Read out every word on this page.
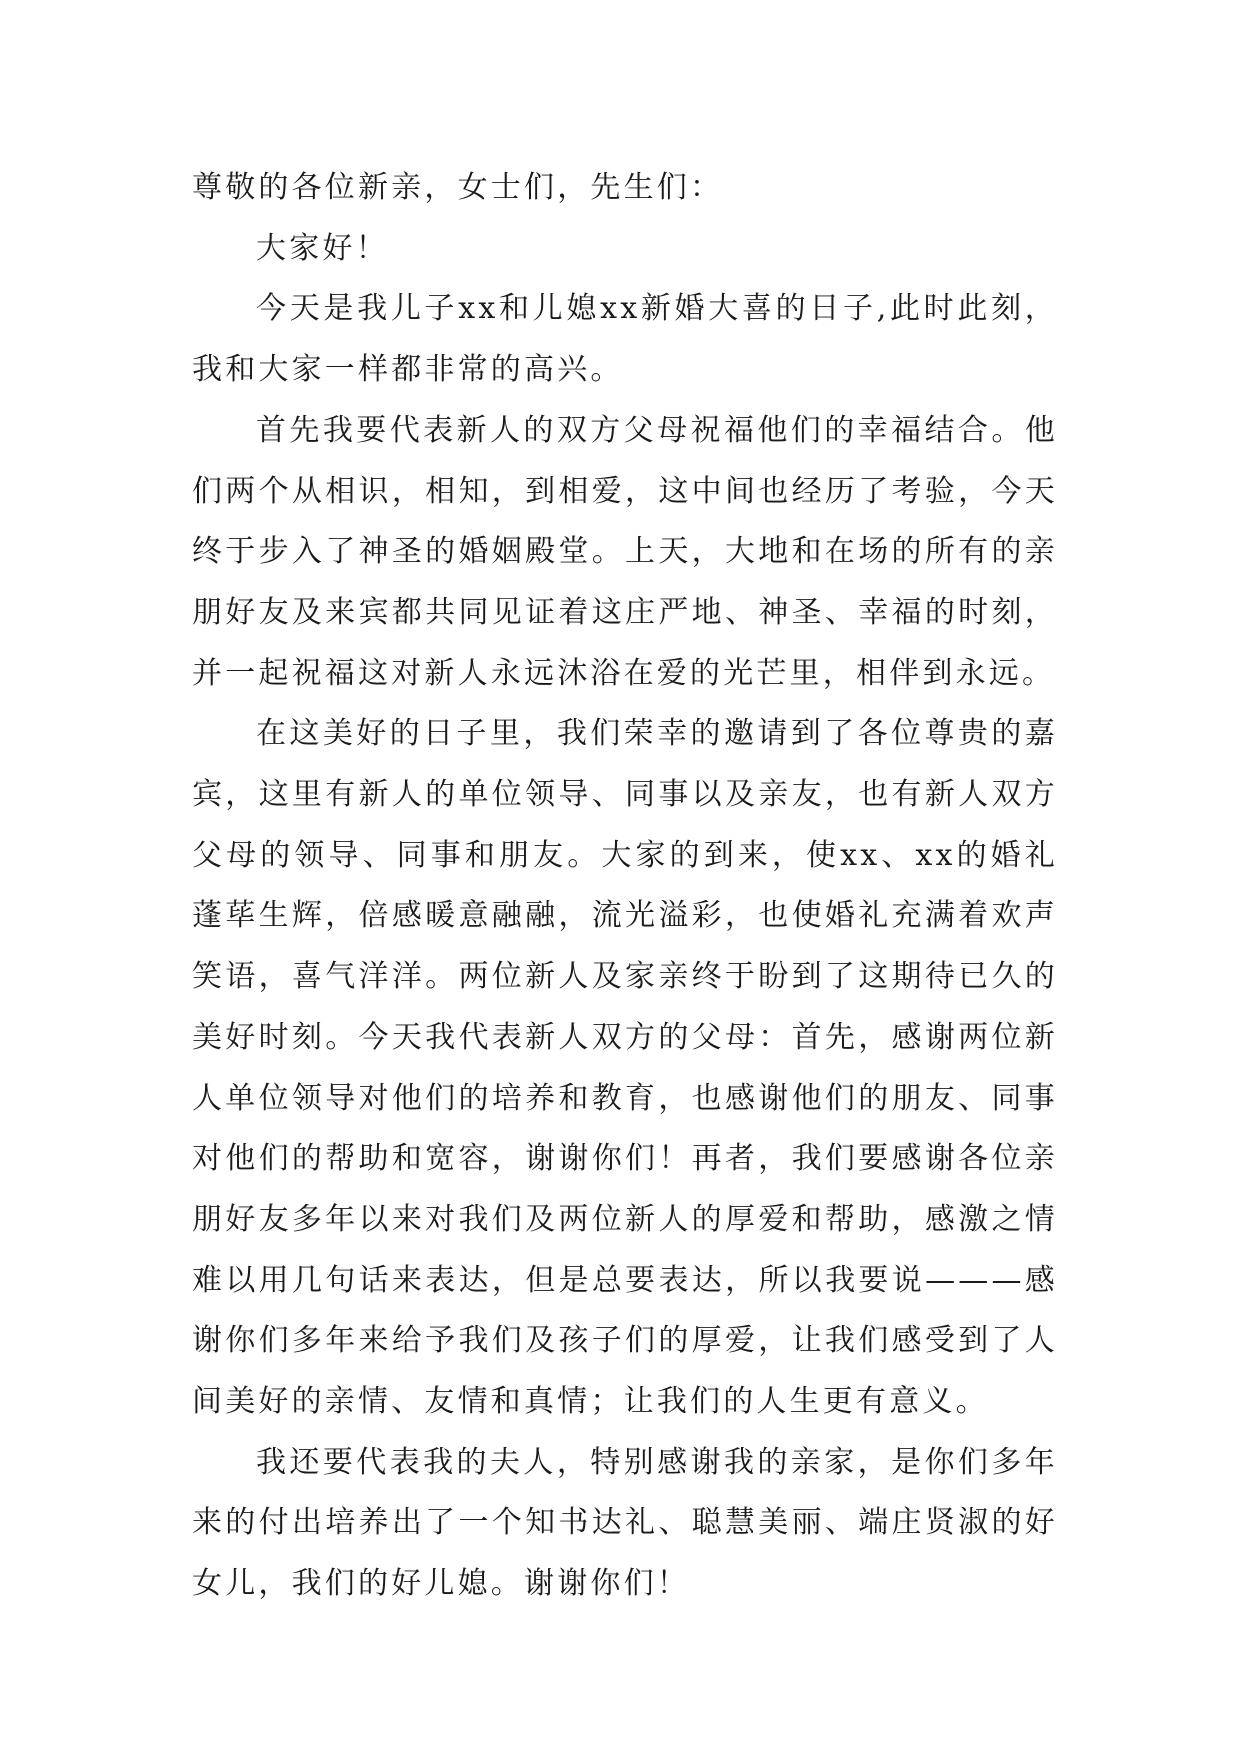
尊敬的各位新亲，女士们，先生们：

大家好！

今天是我儿子xx和儿媳xx新婚大喜的日子,此时此刻，我和大家一样都非常的高兴。

首先我要代表新人的双方父母祝福他们的幸福结合。他们两个从相识，相知，到相爱，这中间也经历了考验，今天终于步入了神圣的婚姻殿堂。上天，大地和在场的所有的亲朋好友及来宾都共同见证着这庄严地、神圣、幸福的时刻，并一起祝福这对新人永远沐浴在爱的光芒里，相伴到永远。

在这美好的日子里，我们荣幸的邀请到了各位尊贵的嘉宾，这里有新人的单位领导、同事以及亲友，也有新人双方父母的领导、同事和朋友。大家的到来，使xx、xx的婚礼蓬荜生辉，倍感暖意融融，流光溢彩，也使婚礼充满着欢声笑语，喜气洋洋。两位新人及家亲终于盼到了这期待已久的美好时刻。今天我代表新人双方的父母：首先，感谢两位新人单位领导对他们的培养和教育，也感谢他们的朋友、同事对他们的帮助和宽容，谢谢你们！再者，我们要感谢各位亲朋好友多年以来对我们及两位新人的厚爱和帮助，感激之情难以用几句话来表达，但是总要表达，所以我要说———感谢你们多年来给予我们及孩子们的厚爱，让我们感受到了人间美好的亲情、友情和真情；让我们的人生更有意义。

我还要代表我的夫人，特别感谢我的亲家，是你们多年来的付出培养出了一个知书达礼、聪慧美丽、端庄贤淑的好女儿，我们的好儿媳。谢谢你们！
